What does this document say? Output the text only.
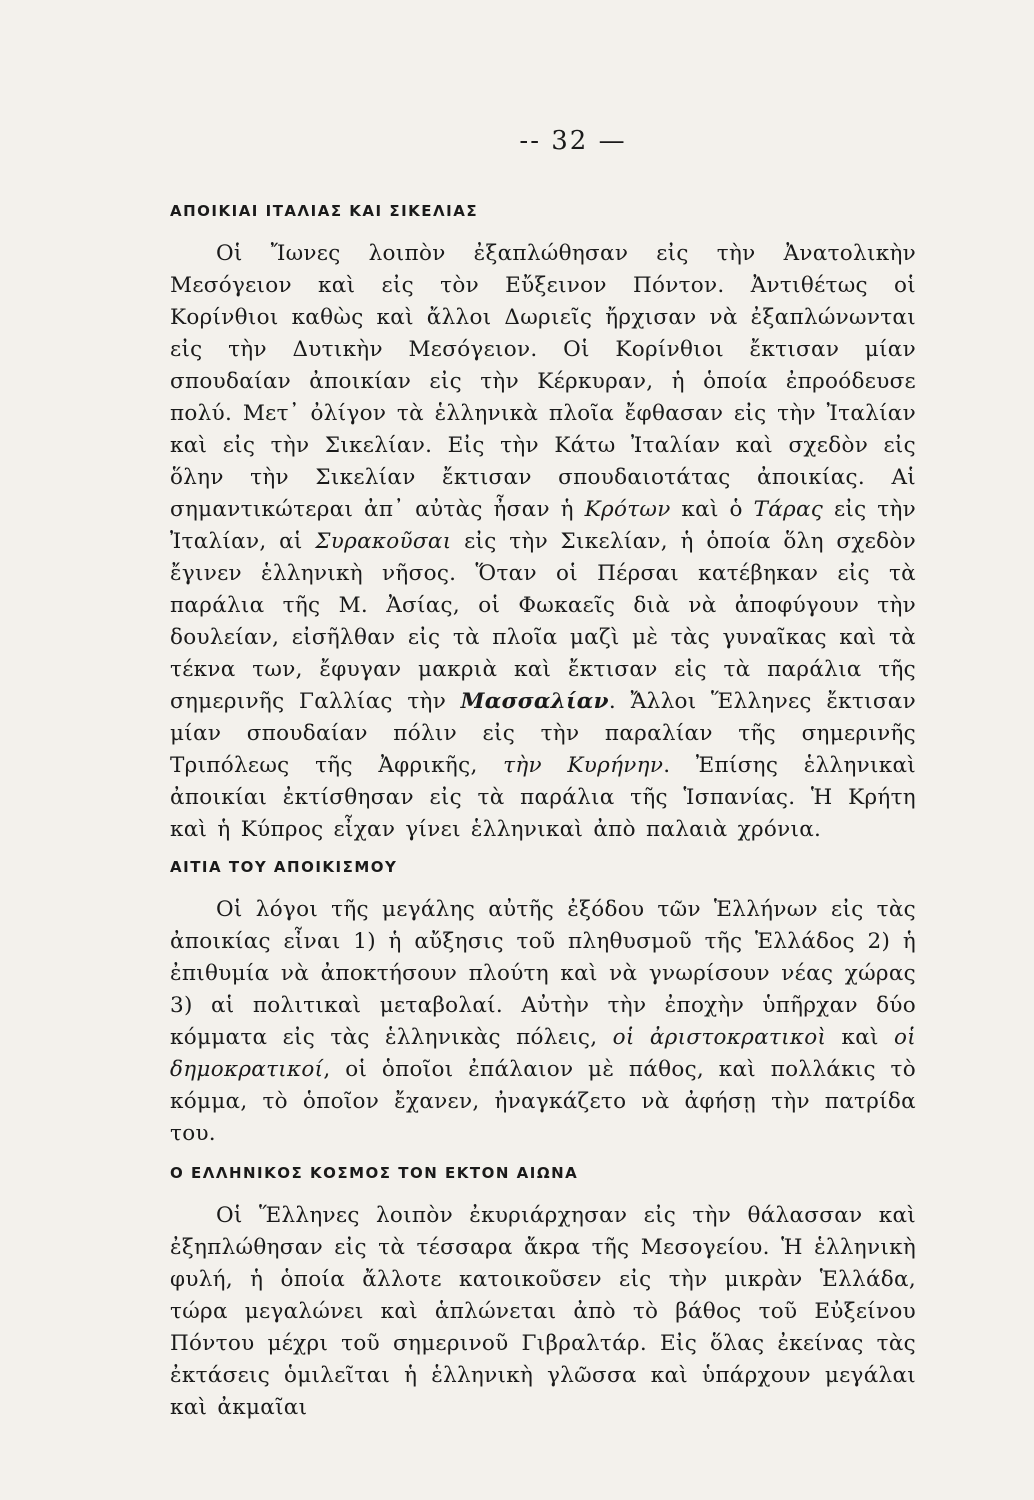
-- 32 —
ΑΠΟΙΚΙΑΙ ΙΤΑΛΙΑΣ ΚΑΙ ΣΙΚΕΛΙΑΣ

Οἱ Ἴωνες λοιπὸν ἐξαπλώθησαν εἰς τὴν Ἀνατολικὴν Μεσόγειον καὶ εἰς τὸν Εὔξεινον Πόντον. Ἀντιθέτως οἱ Κορίνθιοι καθὼς καὶ ἄλλοι Δωριεῖς ἤρχισαν νὰ ἐξαπλώνωνται εἰς τὴν Δυτικὴν Μεσόγειον. Οἱ Κορίνθιοι ἔκτισαν μίαν σπουδαίαν ἀποικίαν εἰς τὴν Κέρκυραν, ἡ ὁποία ἐπροόδευσε πολύ. Μετ᾽ ὀλίγον τὰ ἑλληνικὰ πλοῖα ἔφθασαν εἰς τὴν Ἰταλίαν καὶ εἰς τὴν Σικελίαν. Εἰς τὴν Κάτω Ἰταλίαν καὶ σχεδὸν εἰς ὅλην τὴν Σικελίαν ἔκτισαν σπουδαιοτάτας ἀποικίας. Αἱ σημαντικώτεραι ἀπ᾽ αὐτὰς ἦσαν ἡ Κρότων καὶ ὁ Τάρας εἰς τὴν Ἰταλίαν, αἱ Συρακοῦσαι εἰς τὴν Σικελίαν, ἡ ὁποία ὅλη σχεδὸν ἔγινεν ἑλληνικὴ νῆσος. Ὅταν οἱ Πέρσαι κατέβηκαν εἰς τὰ παράλια τῆς Μ. Ἀσίας, οἱ Φωκαεῖς διὰ νὰ ἀποφύγουν τὴν δουλείαν, εἰσῆλθαν εἰς τὰ πλοῖα μαζὶ μὲ τὰς γυναῖκας καὶ τὰ τέκνα των, ἔφυγαν μακριὰ καὶ ἔκτισαν εἰς τὰ παράλια τῆς σημερινῆς Γαλλίας τὴν Μασσαλίαν. Ἄλλοι Ἕλληνες ἔκτισαν μίαν σπουδαίαν πόλιν εἰς τὴν παραλίαν τῆς σημερινῆς Τριπόλεως τῆς Ἀφρικῆς, τὴν Κυρήνην. Ἐπίσης ἑλληνικαὶ ἀποικίαι ἐκτίσθησαν εἰς τὰ παράλια τῆς Ἱσπανίας. Ἡ Κρήτη καὶ ἡ Κύπρος εἶχαν γίνει ἑλληνικαὶ ἀπὸ παλαιὰ χρόνια.

ΑΙΤΙΑ ΤΟΥ ΑΠΟΙΚΙΣΜΟΥ

Οἱ λόγοι τῆς μεγάλης αὐτῆς ἐξόδου τῶν Ἑλλήνων εἰς τὰς ἀποικίας εἶναι 1) ἡ αὔξησις τοῦ πληθυσμοῦ τῆς Ἑλλάδος 2) ἡ ἐπιθυμία νὰ ἀποκτήσουν πλούτη καὶ νὰ γνωρίσουν νέας χώρας 3) αἱ πολιτικαὶ μεταβολαί. Αὐτὴν τὴν ἐποχὴν ὑπῆρχαν δύο κόμματα εἰς τὰς ἑλληνικὰς πόλεις, οἱ ἀριστοκρατικοὶ καὶ οἱ δημοκρατικοί, οἱ ὁποῖοι ἐπάλαιον μὲ πάθος, καὶ πολλάκις τὸ κόμμα, τὸ ὁποῖον ἔχανεν, ἠναγκάζετο νὰ ἀφήσῃ τὴν πατρίδα του.

Ο ΕΛΛΗΝΙΚΟΣ ΚΟΣΜΟΣ ΤΟΝ ΕΚΤΟΝ ΑΙΩΝΑ

Οἱ Ἕλληνες λοιπὸν ἐκυριάρχησαν εἰς τὴν θάλασσαν καὶ ἐξηπλώθησαν εἰς τὰ τέσσαρα ἄκρα τῆς Μεσογείου. Ἡ ἑλληνικὴ φυλή, ἡ ὁποία ἄλλοτε κατοικοῦσεν εἰς τὴν μικρὰν Ἑλλάδα, τώρα μεγαλώνει καὶ ἁπλώνεται ἀπὸ τὸ βάθος τοῦ Εὐξείνου Πόντου μέχρι τοῦ σημερινοῦ Γιβραλτάρ. Εἰς ὅλας ἐκείνας τὰς ἐκτάσεις ὁμιλεῖται ἡ ἑλληνικὴ γλῶσσα καὶ ὑπάρχουν μεγάλαι καὶ ἀκμαῖαι
